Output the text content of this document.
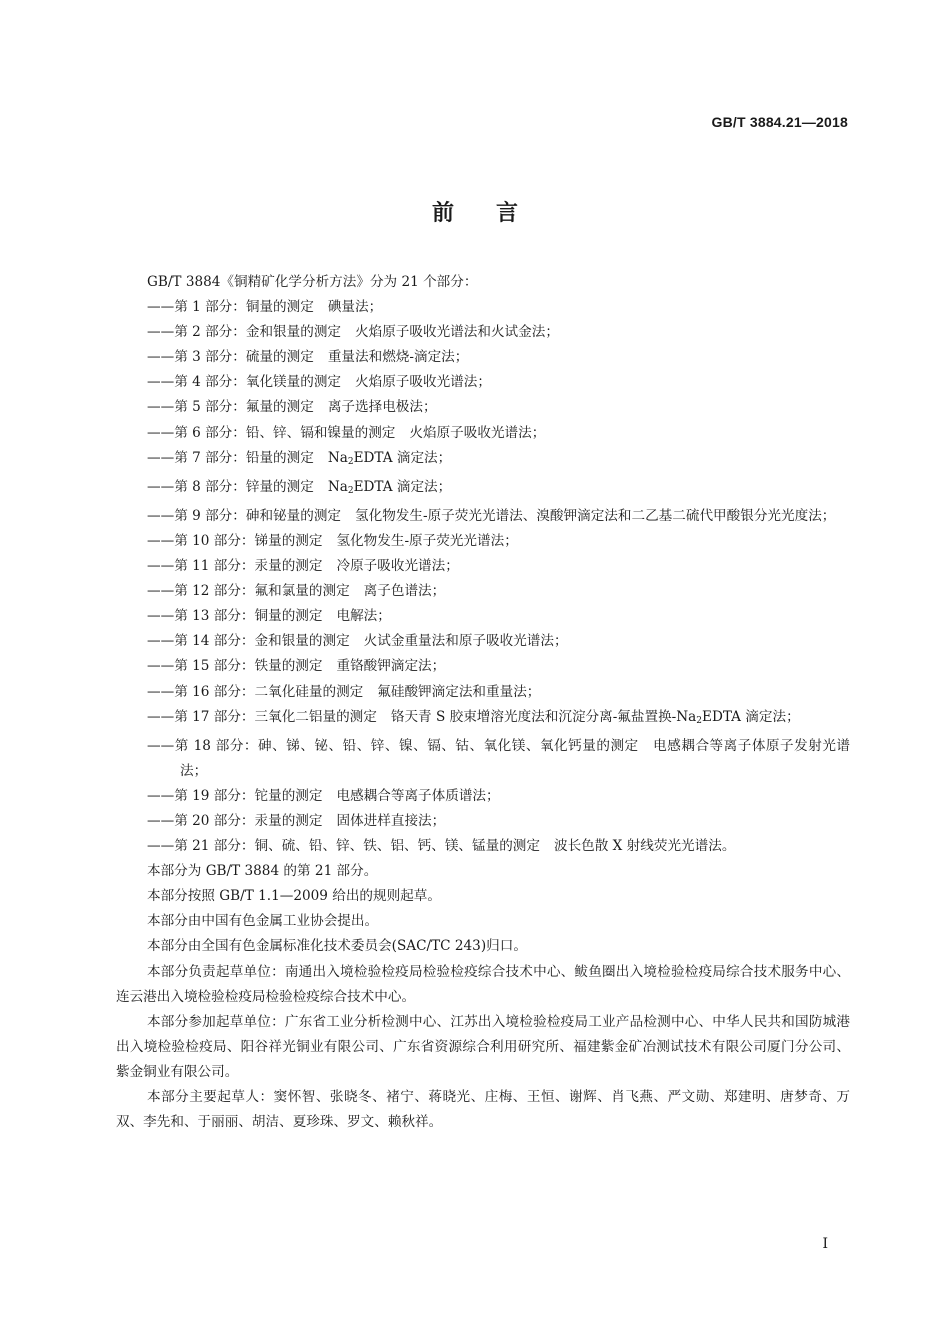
GB/T 3884.21—2018
前言

GB/T 3884《铜精矿化学分析方法》分为 21 个部分：

——第 1 部分：铜量的测定 碘量法；

——第 2 部分：金和银量的测定 火焰原子吸收光谱法和火试金法；

——第 3 部分：硫量的测定 重量法和燃烧-滴定法；

——第 4 部分：氧化镁量的测定 火焰原子吸收光谱法；

——第 5 部分：氟量的测定 离子选择电极法；

——第 6 部分：铅、锌、镉和镍量的测定 火焰原子吸收光谱法；

——第 7 部分：铅量的测定 $Na_2EDTA$ 滴定法；

——第 8 部分：锌量的测定 $Na_2EDTA$ 滴定法；

——第 9 部分：砷和铋量的测定 氢化物发生-原子荧光光谱法、溴酸钾滴定法和二乙基二硫代甲酸银分光光度法；

——第 10 部分：锑量的测定 氢化物发生-原子荧光光谱法；

——第 11 部分：汞量的测定 冷原子吸收光谱法；

——第 12 部分：氟和氯量的测定 离子色谱法；

——第 13 部分：铜量的测定 电解法；

——第 14 部分：金和银量的测定 火试金重量法和原子吸收光谱法；

——第 15 部分：铁量的测定 重铬酸钾滴定法；

——第 16 部分：二氧化硅量的测定 氟硅酸钾滴定法和重量法；

——第 17 部分：三氧化二铝量的测定 铬天青 S 胶束增溶光度法和沉淀分离-氟盐置换$-Na_2EDTA$ 滴定法；

——第 18 部分：砷、锑、铋、铅、锌、镍、镉、钴、氧化镁、氧化钙量的测定 电感耦合等离子体原子发射光谱法；

——第 19 部分：铊量的测定 电感耦合等离子体质谱法；

——第 20 部分：汞量的测定 固体进样直接法；

——第 21 部分：铜、硫、铅、锌、铁、铝、钙、镁、锰量的测定 波长色散 X 射线荧光光谱法。

本部分为 GB/T 3884 的第 21 部分。

本部分按照 GB/T 1.1—2009 给出的规则起草。

本部分由中国有色金属工业协会提出。

本部分由全国有色金属标准化技术委员会(SAC/TC 243)归口。

本部分负责起草单位：南通出入境检验检疫局检验检疫综合技术中心、鲅鱼圈出入境检验检疫局综合技术服务中心、连云港出入境检验检疫局检验检疫综合技术中心。

本部分参加起草单位：广东省工业分析检测中心、江苏出入境检验检疫局工业产品检测中心、中华人民共和国防城港出入境检验检疫局、阳谷祥光铜业有限公司、广东省资源综合利用研究所、福建紫金矿冶测试技术有限公司厦门分公司、紫金铜业有限公司。

本部分主要起草人：窦怀智、张晓冬、褚宁、蒋晓光、庄梅、王恒、谢辉、肖飞燕、严文勋、郑建明、唐梦奇、万双、李先和、于丽丽、胡洁、夏珍珠、罗文、赖秋祥。

I
